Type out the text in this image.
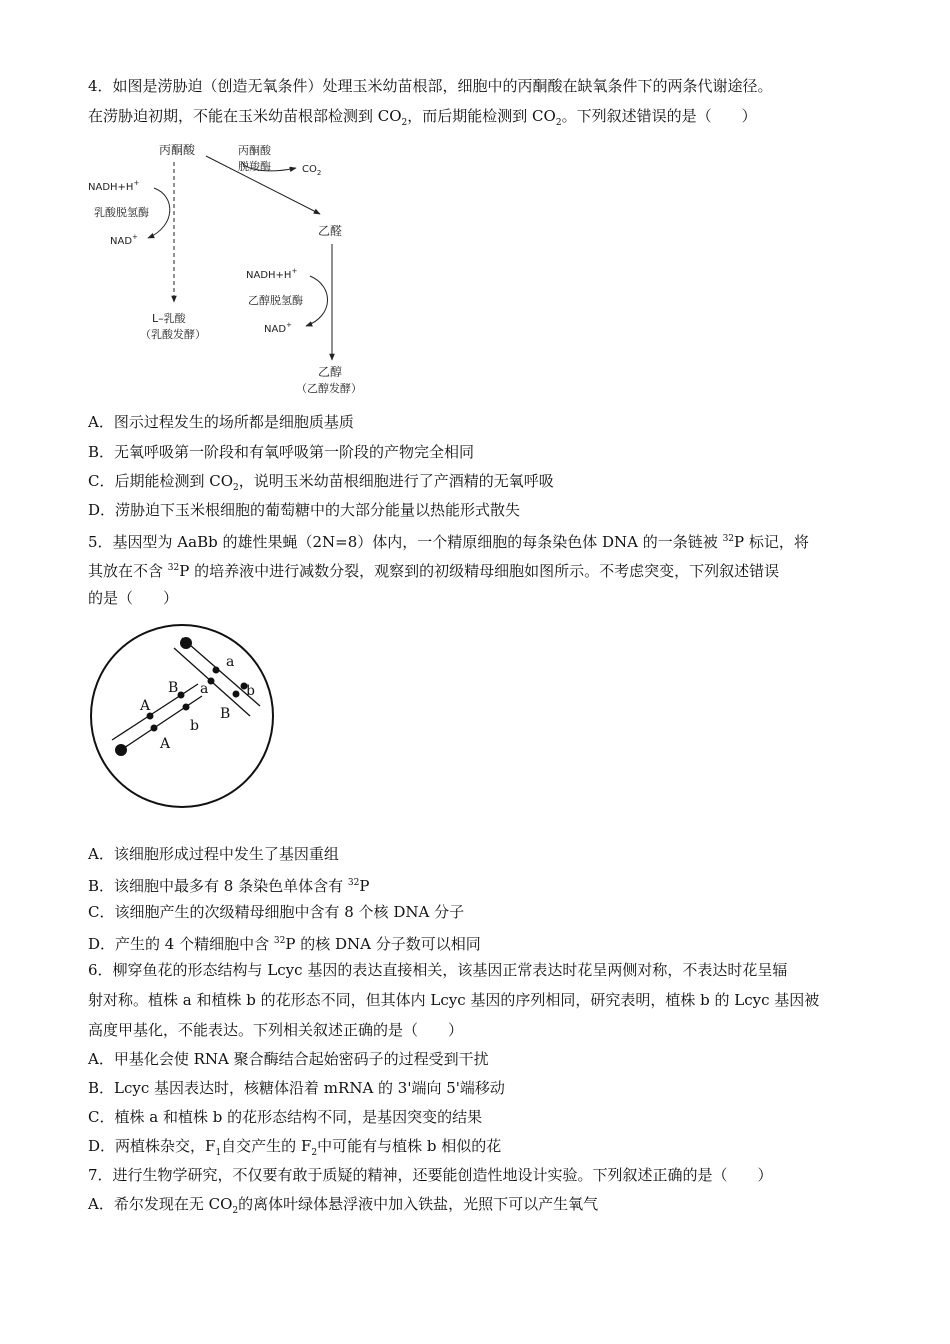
4．如图是涝胁迫（创造无氧条件）处理玉米幼苗根部，细胞中的丙酮酸在缺氧条件下的两条代谢途径。
在涝胁迫初期，不能在玉米幼苗根部检测到 $CO_2$，而后期能检测到 $CO_2$。下列叙述错误的是（　　）
丙酮酸
NADH+H+
乳酸脱氢酶
NAD+
L–乳酸
（乳酸发酵）
丙酮酸
脱羧酶	$CO_2$
乙醛
NADH+H+
乙醇脱氢酶
NAD+
乙醇
（乙醇发酵）
A．图示过程发生的场所都是细胞质基质
B．无氧呼吸第一阶段和有氧呼吸第一阶段的产物完全相同
C．后期能检测到 $CO_2$，说明玉米幼苗根细胞进行了产酒精的无氧呼吸
D．涝胁迫下玉米根细胞的葡萄糖中的大部分能量以热能形式散失
5．基因型为 AaBb 的雄性果蝇（2N=8）体内，一个精原细胞的每条染色体 DNA 的一条链被 $^{32}$P 标记，将
其放在不含 $^{32}$P 的培养液中进行减数分裂，观察到的初级精母细胞如图所示。不考虑突变，下列叙述错误
的是（　　）
a
a	b
B
B
b
A
A
A．该细胞形成过程中发生了基因重组
B．该细胞中最多有 8 条染色单体含有 $^{32}$P
C．该细胞产生的次级精母细胞中含有 8 个核 DNA 分子
D．产生的 4 个精细胞中含 $^{32}$P 的核 DNA 分子数可以相同
6．柳穿鱼花的形态结构与 Lcyc 基因的表达直接相关，该基因正常表达时花呈两侧对称，不表达时花呈辐
射对称。植株 a 和植株 b 的花形态不同，但其体内 Lcyc 基因的序列相同，研究表明，植株 b 的 Lcyc 基因被
高度甲基化，不能表达。下列相关叙述正确的是（　　）
A．甲基化会使 RNA 聚合酶结合起始密码子的过程受到干扰
B．Lcyc 基因表达时，核糖体沿着 mRNA 的 3'端向 5'端移动
C．植株 a 和植株 b 的花形态结构不同，是基因突变的结果
D．两植株杂交，$F_1$自交产生的 $F_2$中可能有与植株 b 相似的花
7．进行生物学研究，不仅要有敢于质疑的精神，还要能创造性地设计实验。下列叙述正确的是（　　）
A．希尔发现在无 $CO_2$的离体叶绿体悬浮液中加入铁盐，光照下可以产生氧气
